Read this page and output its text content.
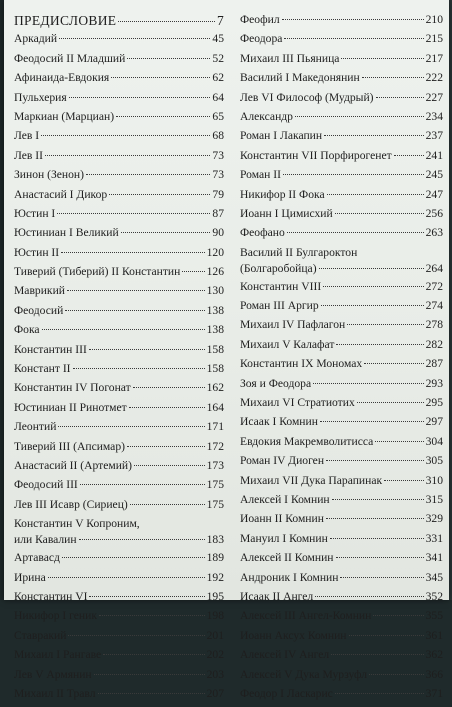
ПРЕДИСЛОВИЕ	7
Аркадий	45
Феодосий II Младший	52
Афинаида-Евдокия	62
Пульхерия	64
Маркиан (Марциан)	65
Лев I	68
Лев II	73
Зинон (Зенон)	73
Анастасий I Дикор	79
Юстин I	87
Юстиниан I Великий	90
Юстин II	120
Тиверий (Тиберий) II Константин 126
Маврикий	130
Феодосий	138
Фока	138
Константин III	158
Констант II	158
Константин IV Погонат	162
Юстиниан II Ринотмет	164
Леонтий	171
Тиверий III (Апсимар)	172
Анастасий II (Артемий)	173
Феодосий III	175
Лев III Исавр (Сириец)	175
Константин V Копроним,
или Кавалин	183
Артавасд	189
Ирина	192
Константин VI	195
Никифор I геник	198
Ставракий	201
Михаил I Рангаве	202
Лев V Армянин	203
Михаил II Травл	207
Феофил	210
Феодора	215
Михаил III Пьяница	217
Василий I Македонянин	222
Лев VI Философ (Мудрый)	227
Александр	234
Роман I Лакапин	237
Константин VII Порфирогенет	241
Роман II	245
Никифор II Фока	247
Иоанн I Цимисхий	256
Феофано	263
Василий II Булгароктон
(Болгаробойца)	264
Константин VIII	272
Роман III Аргир	274
Михаил IV Пафлагон	278
Михаил V Калафат	282
Константин IX Мономах	287
Зоя и Феодора	293
Михаил VI Стратиотих	295
Исаак I Комнин	297
Евдокия Макремволитисса	304
Роман IV Диоген	305
Михаил VII Дука Парапинак	310
Алексей I Комнин	315
Иоанн II Комнин	329
Мануил I Комнин	331
Алексей II Комнин	341
Андроник I Комнин	345
Исаак II Ангел	352
Алексей III Ангел-Комнин	355
Иоанн Аксух Комнин	361
Алексей IV Ангел	362
Алексей V Дука Мурзуфл	366
Феодор I Ласкарис	371
